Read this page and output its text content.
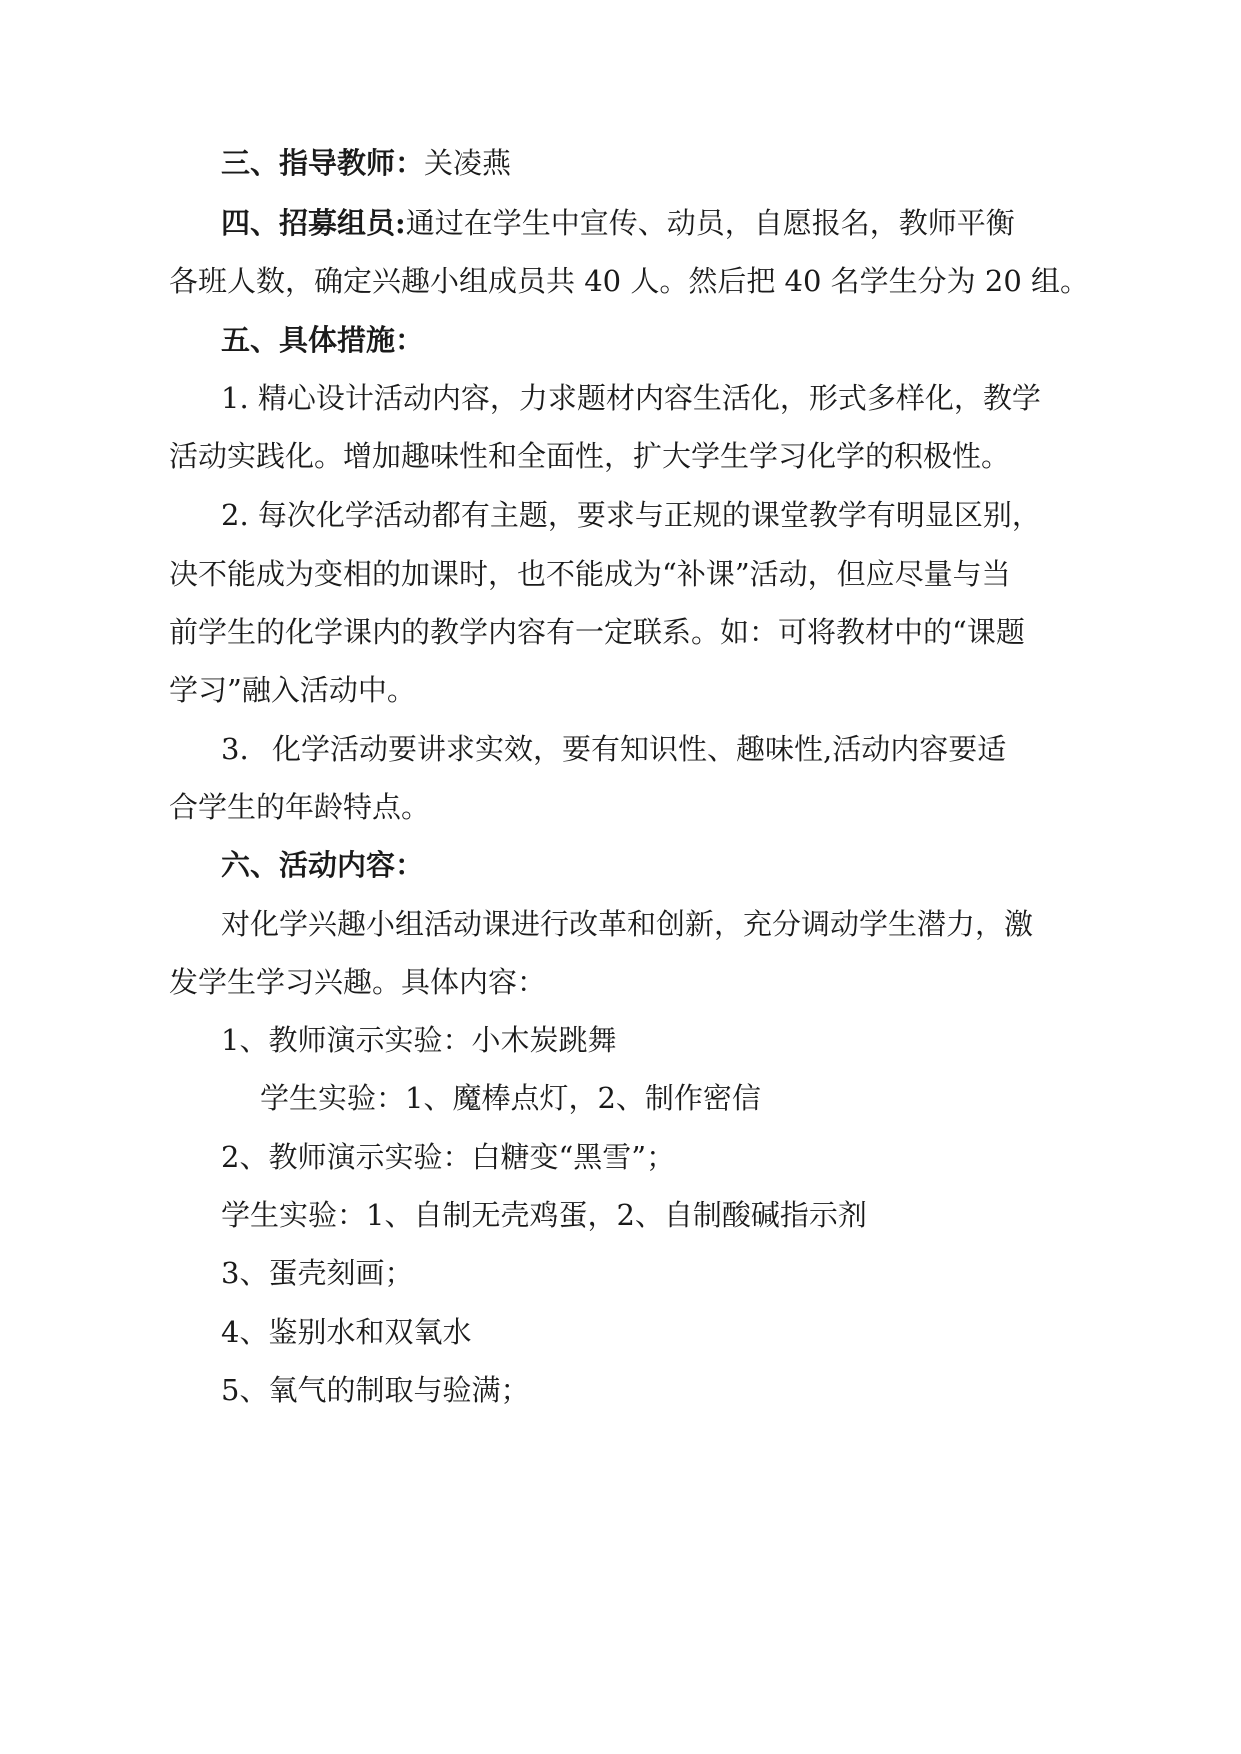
三、指导教师：关凌燕
四、招募组员:通过在学生中宣传、动员，自愿报名，教师平衡
各班人数，确定兴趣小组成员共 40 人。然后把 40 名学生分为 20 组。
五、具体措施：
1. 精心设计活动内容，力求题材内容生活化，形式多样化，教学
活动实践化。增加趣味性和全面性，扩大学生学习化学的积极性。
2. 每次化学活动都有主题，要求与正规的课堂教学有明显区别，
决不能成为变相的加课时，也不能成为“补课”活动，但应尽量与当
前学生的化学课内的教学内容有一定联系。如：可将教材中的“课题
学习”融入活动中。
3. 化学活动要讲求实效，要有知识性、趣味性,活动内容要适
合学生的年龄特点。
六、活动内容：
对化学兴趣小组活动课进行改革和创新，充分调动学生潜力，激
发学生学习兴趣。具体内容：
1、教师演示实验：小木炭跳舞
学生实验：1、魔棒点灯，2、制作密信
2、教师演示实验：白糖变“黑雪”；
学生实验：1、自制无壳鸡蛋，2、自制酸碱指示剂
3、蛋壳刻画；
4、鉴别水和双氧水
5、氧气的制取与验满；
